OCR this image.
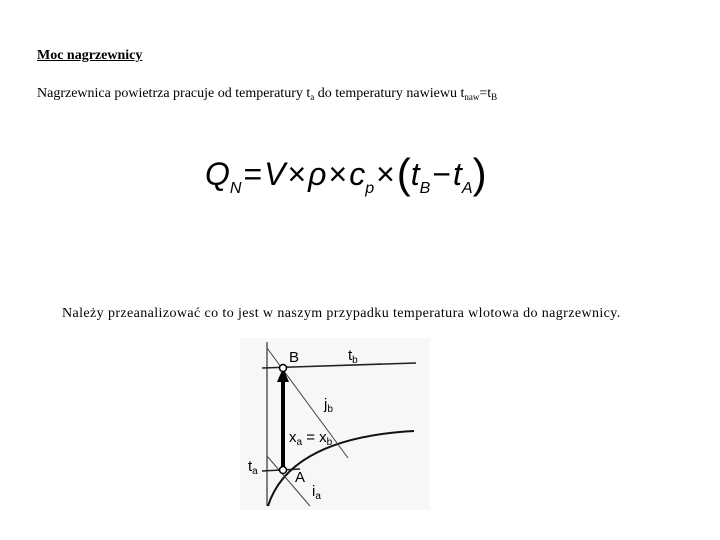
Moc nagrzewnicy

Nagrzewnica powietrza pracuje od temperatury $t_a$ do temperatury nawiewu $t_{naw}=t_B$

$Q_N=V\times\rho\times c_p\times(t_B-t_A)$

Należy przeanalizować co to jest w naszym przypadku temperatura wlotowa do nagrzewnicy.

B	$t_b$
$j_b$
$x_a = x_b$
$t_a$ A
$i_a$
